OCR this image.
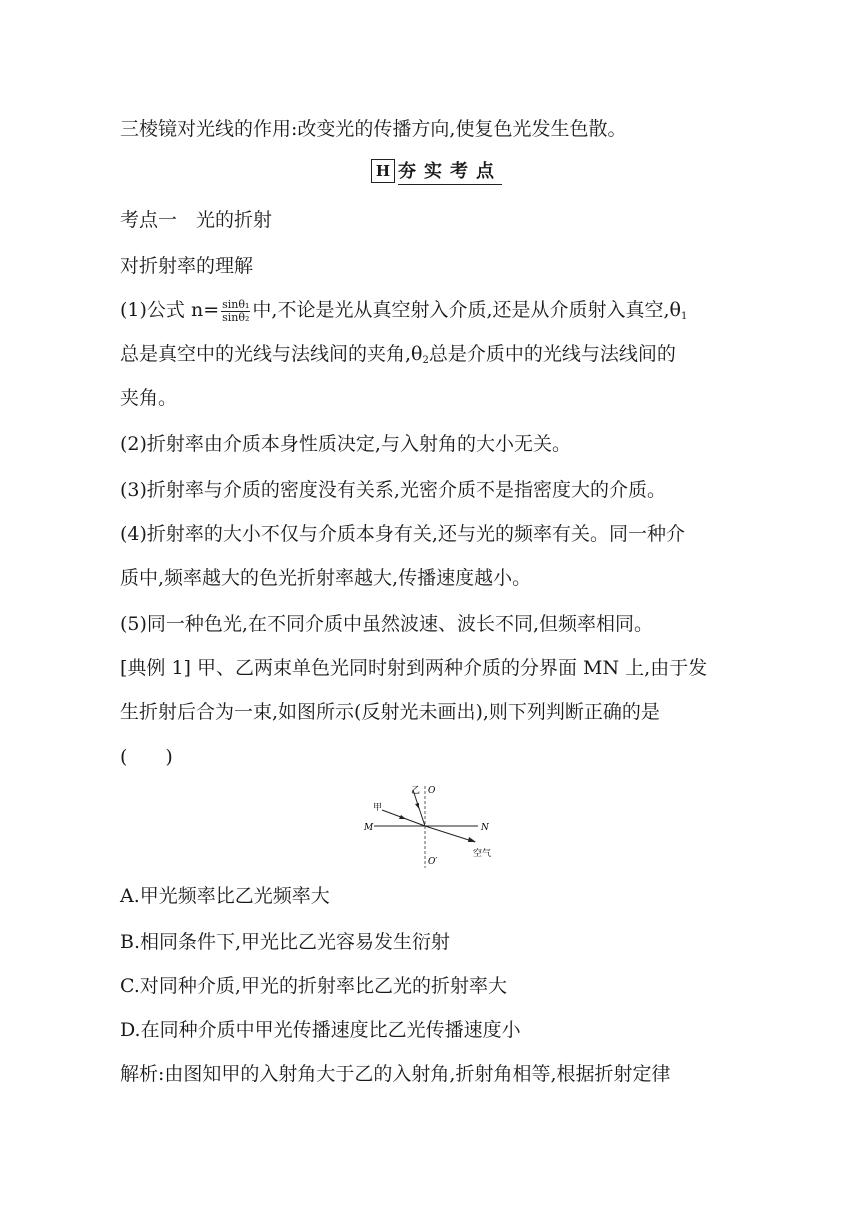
三棱镜对光线的作用:改变光的传播方向,使复色光发生色散。
H 夯实考点
考点一　光的折射
对折射率的理解
(1)公式 $n= \frac{\text{sinθ₁}}{\text{sinθ₂}}$ 中,不论是光从真空射入介质,还是从介质射入真空$,\theta_1$
总是真空中的光线与法线间的夹角$,\theta_2$总是介质中的光线与法线间的
夹角。
(2)折射率由介质本身性质决定,与入射角的大小无关。
(3)折射率与介质的密度没有关系,光密介质不是指密度大的介质。
(4)折射率的大小不仅与介质本身有关,还与光的频率有关。同一种介
质中,频率越大的色光折射率越大,传播速度越小。
(5)同一种色光,在不同介质中虽然波速、波长不同,但频率相同。
[典例 1] 甲、乙两束单色光同时射到两种介质的分界面 MN 上,由于发
生折射后合为一束,如图所示(反射光未画出),则下列判断正确的是
(　　)
甲
乙 O
O′
M	N
空气
A.甲光频率比乙光频率大
B.相同条件下,甲光比乙光容易发生衍射
C.对同种介质,甲光的折射率比乙光的折射率大
D.在同种介质中甲光传播速度比乙光传播速度小
解析:由图知甲的入射角大于乙的入射角,折射角相等,根据折射定律
